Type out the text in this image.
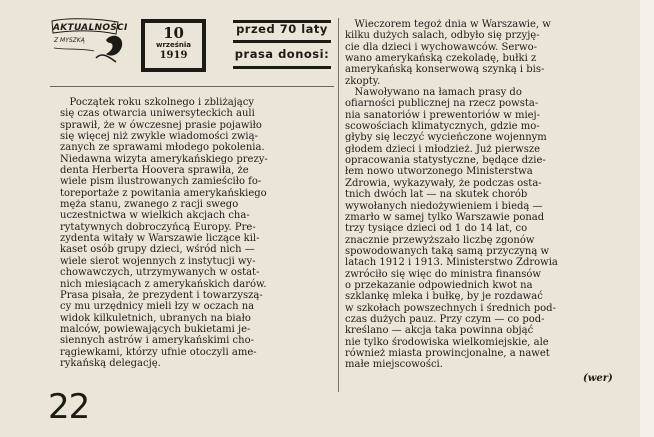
AKTUALNOŚCI
Z MYSZKĄ	10
września
1919
przed 70 laty
prasa donosi:

Początek roku szkolnego i zbliżający

się czas otwarcia uniwersyteckich auli

sprawił, że w ówczesnej prasie pojawiło

się więcej niż zwykle wiadomości zwią-

zanych ze sprawami młodego pokolenia.

Niedawna wizyta amerykańskiego prezy-

denta Herberta Hoovera sprawiła, że

wiele pism ilustrowanych zamieściło fo-

toreportaże z powitania amerykańskiego

męża stanu, zwanego z racji swego

uczestnictwa w wielkich akcjach cha-

rytatywnych dobroczyńcą Europy. Pre-

zydenta witały w Warszawie liczące kil-

kaset osób grupy dzieci, wśród nich —

wiele sierot wojennych z instytucji wy-

chowawczych, utrzymywanych w ostat-

nich miesiącach z amerykańskich darów.

Prasa pisała, że prezydent i towarzyszą-

cy mu urzędnicy mieli łzy w oczach na

widok kilkuletnich, ubranych na biało

malców, powiewających bukietami je-

siennych astrów i amerykańskimi cho-

rągiewkami, którzy ufnie otoczyli ame-

rykańską delegację.

Wieczorem tegoż dnia w Warszawie, w

kilku dużych salach, odbyło się przyję-

cie dla dzieci i wychowawców. Serwo-

wano amerykańską czekoladę, bułki z

amerykańską konserwową szynką i bis-

zkopty.

Nawoływano na łamach prasy do

ofiarności publicznej na rzecz powsta-

nia sanatoriów i prewentoriów w miej-

scowościach klimatycznych, gdzie mo-

głyby się leczyć wycieńczone wojennym

głodem dzieci i młodzież. Już pierwsze

opracowania statystyczne, będące dzie-

łem nowo utworzonego Ministerstwa

Zdrowia, wykazywały, że podczas osta-

tnich dwóch lat — na skutek chorób

wywołanych niedożywieniem i biedą —

zmarło w samej tylko Warszawie ponad

trzy tysiące dzieci od 1 do 14 lat, co

znacznie przewyższało liczbę zgonów

spowodowanych taką samą przyczyną w

latach 1912 i 1913. Ministerstwo Zdrowia

zwróciło się więc do ministra finansów

o przekazanie odpowiednich kwot na

szklankę mleka i bułkę, by je rozdawać

w szkołach powszechnych i średnich pod-

czas dużych pauz. Przy czym — co pod-

kreślano — akcja taka powinna objąć

nie tylko środowiska wielkomiejskie, ale

również miasta prowincjonalne, a nawet

małe miejscowości.

(wer)
22
